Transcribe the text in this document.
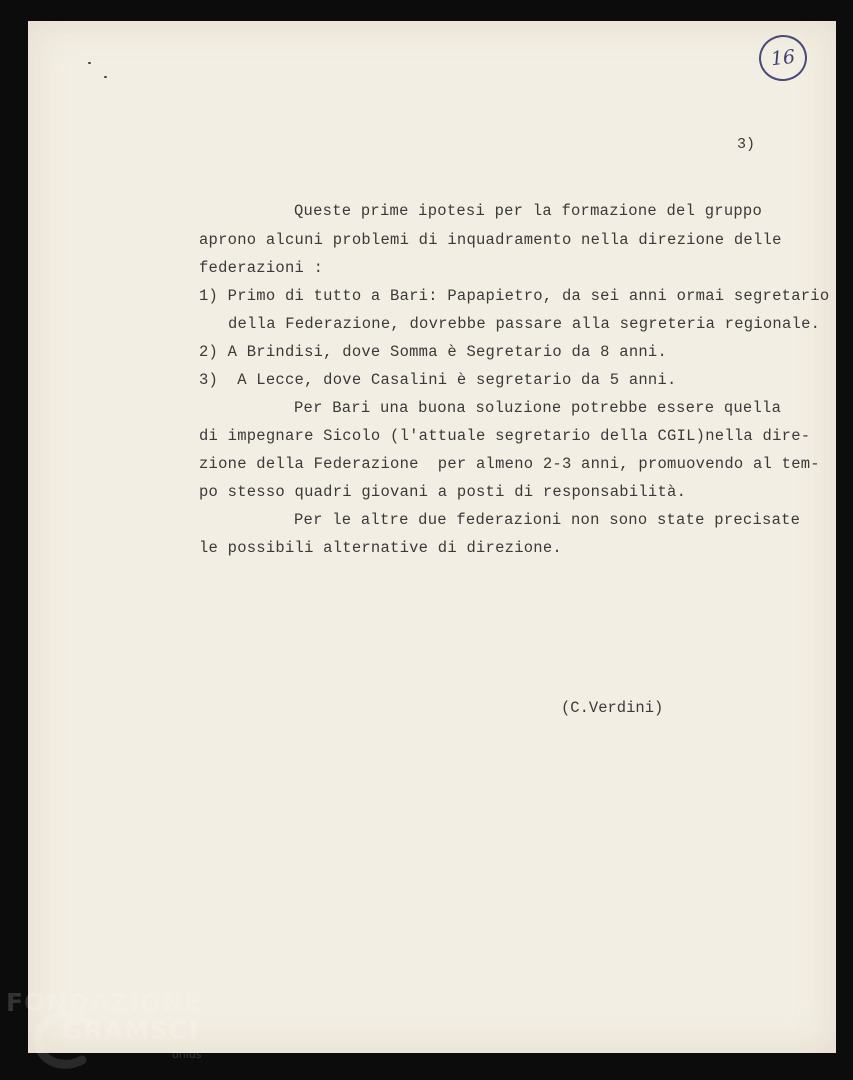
16
3)
Queste prime ipotesi per la formazione del gruppo
aprono alcuni problemi di inquadramento nella direzione delle
federazioni :
1) Primo di tutto a Bari: Papapietro, da sei anni ormai segretario
della Federazione, dovrebbe passare alla segreteria regionale.
2) A Brindisi, dove Somma è Segretario da 8 anni.
3)  A Lecce, dove Casalini è segretario da 5 anni.
Per Bari una buona soluzione potrebbe essere quella
di impegnare Sicolo (l'attuale segretario della CGIL)nella dire-
zione della Federazione  per almeno 2-3 anni, promuovendo al tem-
po stesso quadri giovani a posti di responsabilità.
Per le altre due federazioni non sono state precisate
le possibili alternative di direzione.
(C.Verdini)
FONDAZIONE
GRAMSCI
onlus
